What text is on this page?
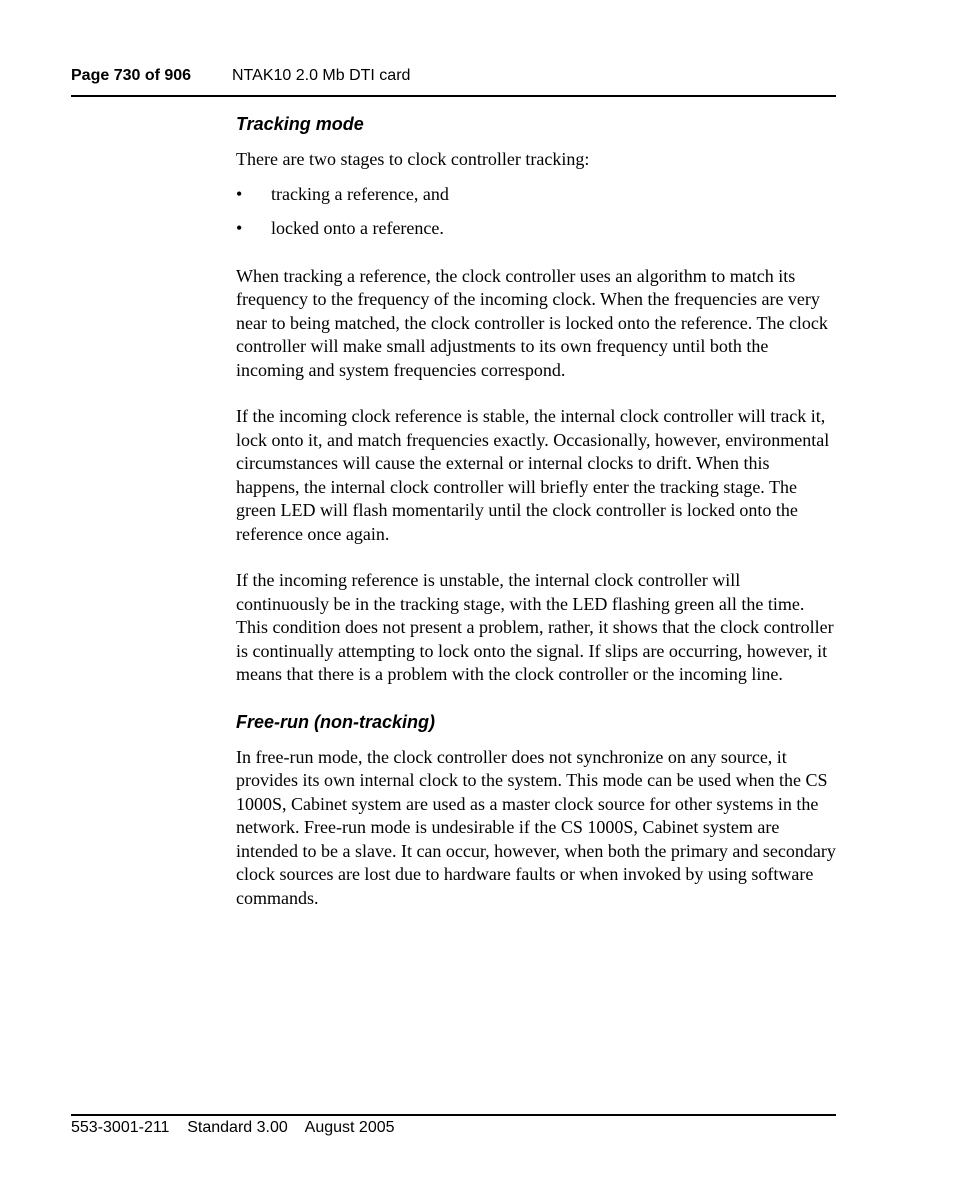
Page 730 of 906	NTAK10 2.0 Mb DTI card
Tracking mode

There are two stages to clock controller tracking:

• tracking a reference, and
• locked onto a reference.

When tracking a reference, the clock controller uses an algorithm to match its frequency to the frequency of the incoming clock. When the frequencies are very near to being matched, the clock controller is locked onto the reference. The clock controller will make small adjustments to its own frequency until both the incoming and system frequencies correspond.

If the incoming clock reference is stable, the internal clock controller will track it, lock onto it, and match frequencies exactly. Occasionally, however, environmental circumstances will cause the external or internal clocks to drift. When this happens, the internal clock controller will briefly enter the tracking stage. The green LED will flash momentarily until the clock controller is locked onto the reference once again.

If the incoming reference is unstable, the internal clock controller will continuously be in the tracking stage, with the LED flashing green all the time. This condition does not present a problem, rather, it shows that the clock controller is continually attempting to lock onto the signal. If slips are occurring, however, it means that there is a problem with the clock controller or the incoming line.

Free-run (non-tracking)

In free-run mode, the clock controller does not synchronize on any source, it provides its own internal clock to the system. This mode can be used when the CS 1000S, Cabinet system are used as a master clock source for other systems in the network. Free-run mode is undesirable if the CS 1000S, Cabinet system are intended to be a slave. It can occur, however, when both the primary and secondary clock sources are lost due to hardware faults or when invoked by using software commands.

553-3001-211 Standard 3.00 August 2005
